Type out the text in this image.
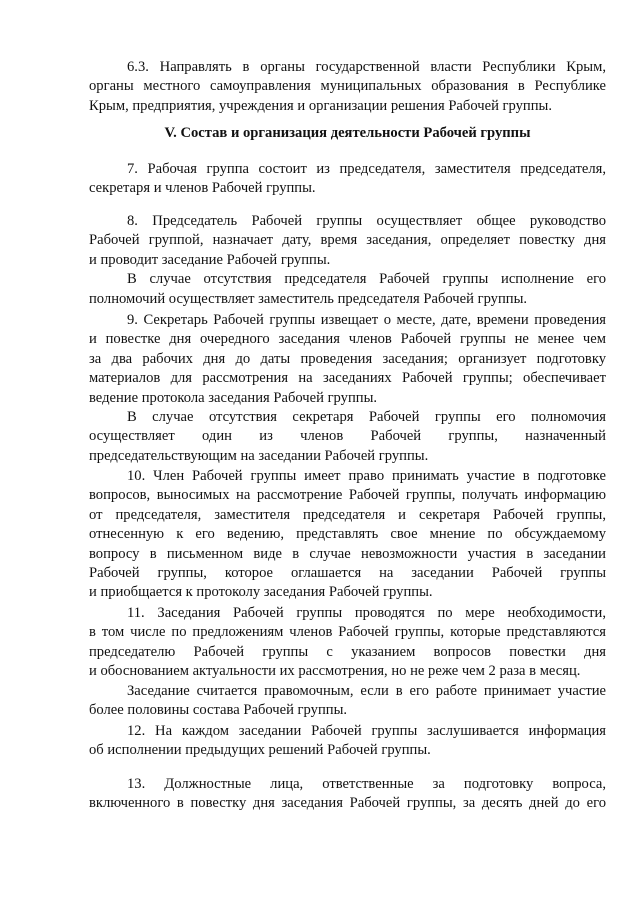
6.3. Направлять в органы государственной власти Республики Крым,
органы местного самоуправления муниципальных образования в Республике
Крым, предприятия, учреждения и организации решения Рабочей группы.
V. Состав и организация деятельности Рабочей группы
7. Рабочая группа состоит из председателя, заместителя председателя,
секретаря и членов Рабочей группы.
8. Председатель Рабочей группы осуществляет общее руководство
Рабочей группой, назначает дату, время заседания, определяет повестку дня
и проводит заседание Рабочей группы.
В случае отсутствия председателя Рабочей группы исполнение его
полномочий осуществляет заместитель председателя Рабочей группы.
9. Секретарь Рабочей группы извещает о месте, дате, времени проведения
и повестке дня очередного заседания членов Рабочей группы не менее чем
за два рабочих дня до даты проведения заседания; организует подготовку
материалов для рассмотрения на заседаниях Рабочей группы; обеспечивает
ведение протокола заседания Рабочей группы.
В случае отсутствия секретаря Рабочей группы его полномочия
осуществляет один из членов Рабочей группы, назначенный
председательствующим на заседании Рабочей группы.
10. Член Рабочей группы имеет право принимать участие в подготовке
вопросов, выносимых на рассмотрение Рабочей группы, получать информацию
от председателя, заместителя председателя и секретаря Рабочей группы,
отнесенную к его ведению, представлять свое мнение по обсуждаемому
вопросу в письменном виде в случае невозможности участия в заседании
Рабочей группы, которое оглашается на заседании Рабочей группы
и приобщается к протоколу заседания Рабочей группы.
11. Заседания Рабочей группы проводятся по мере необходимости,
в том числе по предложениям членов Рабочей группы, которые представляются
председателю Рабочей группы с указанием вопросов повестки дня
и обоснованием актуальности их рассмотрения, но не реже чем 2 раза в месяц.
Заседание считается правомочным, если в его работе принимает участие
более половины состава Рабочей группы.
12. На каждом заседании Рабочей группы заслушивается информация
об исполнении предыдущих решений Рабочей группы.
13. Должностные лица, ответственные за подготовку вопроса,
включенного в повестку дня заседания Рабочей группы, за десять дней до его
